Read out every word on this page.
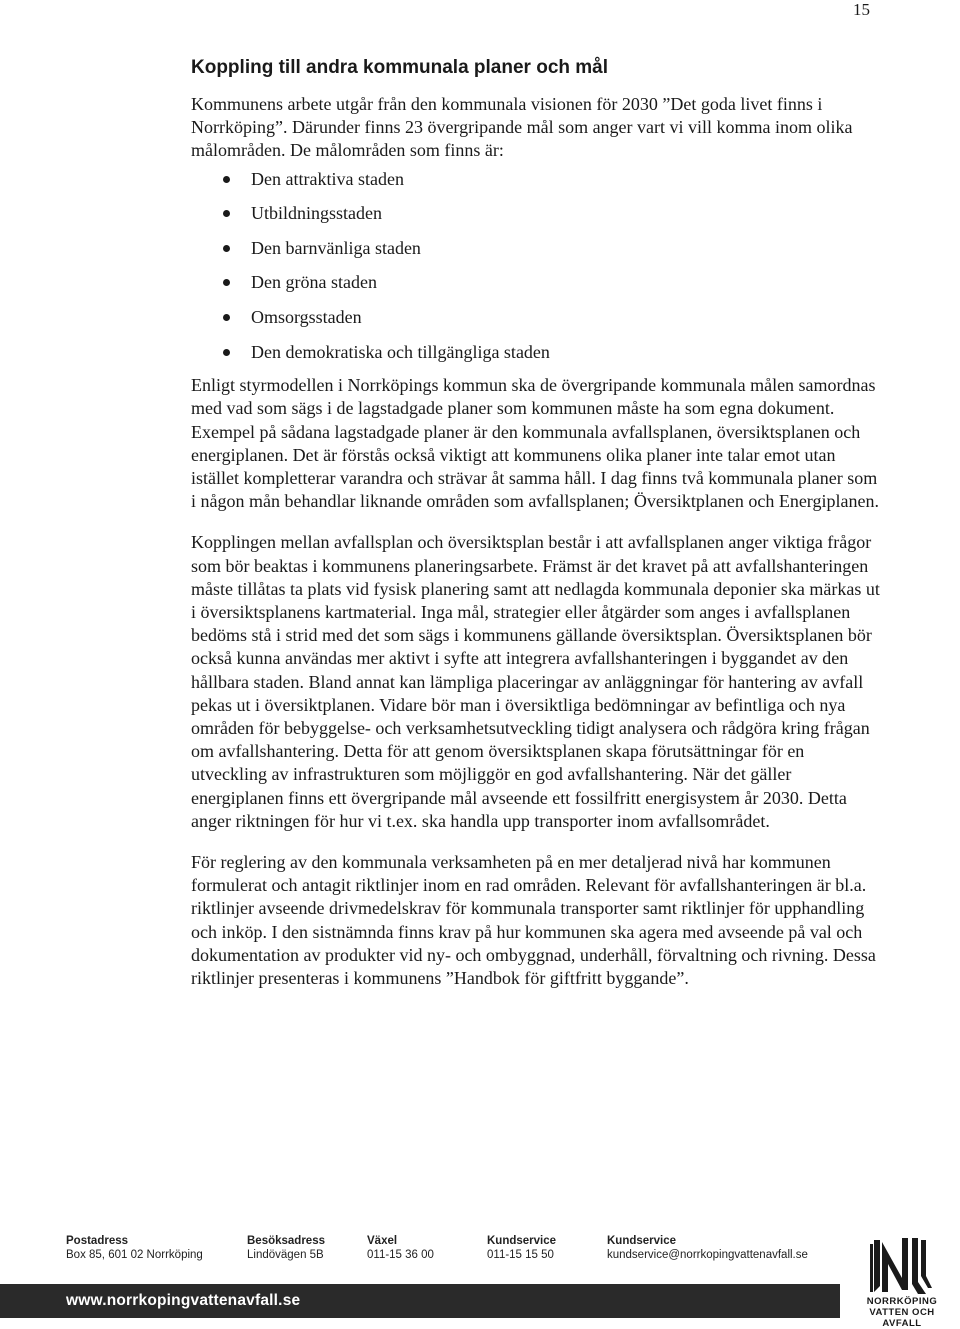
15
Koppling till andra kommunala planer och mål

Kommunens arbete utgår från den kommunala visionen för 2030 ”Det goda livet finns i Norrköping”. Därunder finns 23 övergripande mål som anger vart vi vill komma inom olika målområden. De målområden som finns är:

Den attraktiva staden
Utbildningsstaden
Den barnvänliga staden
Den gröna staden
Omsorgsstaden
Den demokratiska och tillgängliga staden

Enligt styrmodellen i Norrköpings kommun ska de övergripande kommunala målen samordnas med vad som sägs i de lagstadgade planer som kommunen måste ha som egna dokument. Exempel på sådana lagstadgade planer är den kommunala avfallsplanen, översiktsplanen och energiplanen. Det är förstås också viktigt att kommunens olika planer inte talar emot utan istället kompletterar varandra och strävar åt samma håll. I dag finns två kommunala planer som i någon mån behandlar liknande områden som avfallsplanen; Översiktplanen och Energiplanen.

Kopplingen mellan avfallsplan och översiktsplan består i att avfallsplanen anger viktiga frågor som bör beaktas i kommunens planeringsarbete. Främst är det kravet på att avfallshanteringen måste tillåtas ta plats vid fysisk planering samt att nedlagda kommunala deponier ska märkas ut i översiktsplanens kartmaterial. Inga mål, strategier eller åtgärder som anges i avfallsplanen bedöms stå i strid med det som sägs i kommunens gällande översiktsplan. Översiktsplanen bör också kunna användas mer aktivt i syfte att integrera avfallshanteringen i byggandet av den hållbara staden. Bland annat kan lämpliga placeringar av anläggningar för hantering av avfall pekas ut i översiktplanen. Vidare bör man i översiktliga bedömningar av befintliga och nya områden för bebyggelse- och verksamhetsutveckling tidigt analysera och rådgöra kring frågan om avfallshantering. Detta för att genom översiktsplanen skapa förutsättningar för en utveckling av infrastrukturen som möjliggör en god avfallshantering. När det gäller energiplanen finns ett övergripande mål avseende ett fossilfritt energisystem år 2030. Detta anger riktningen för hur vi t.ex. ska handla upp transporter inom avfallsområdet.

För reglering av den kommunala verksamheten på en mer detaljerad nivå har kommunen formulerat och antagit riktlinjer inom en rad områden. Relevant för avfallshanteringen är bl.a. riktlinjer avseende drivmedelskrav för kommunala transporter samt riktlinjer för upphandling och inköp. I den sistnämnda finns krav på hur kommunen ska agera med avseende på val och dokumentation av produkter vid ny- och ombyggnad, underhåll, förvaltning och rivning. Dessa riktlinjer presenteras i kommunens ”Handbok för giftfritt byggande”.

Postadress
Box 85, 601 02 Norrköping
Besöksadress
Lindövägen 5B
Växel
011-15 36 00
Kundservice
011-15 15 50
Kundservice
kundservice@norrkopingvattenavfall.se
www.norrkopingvattenavfall.se	NORRKÖPING
VATTEN OCH AVFALL
